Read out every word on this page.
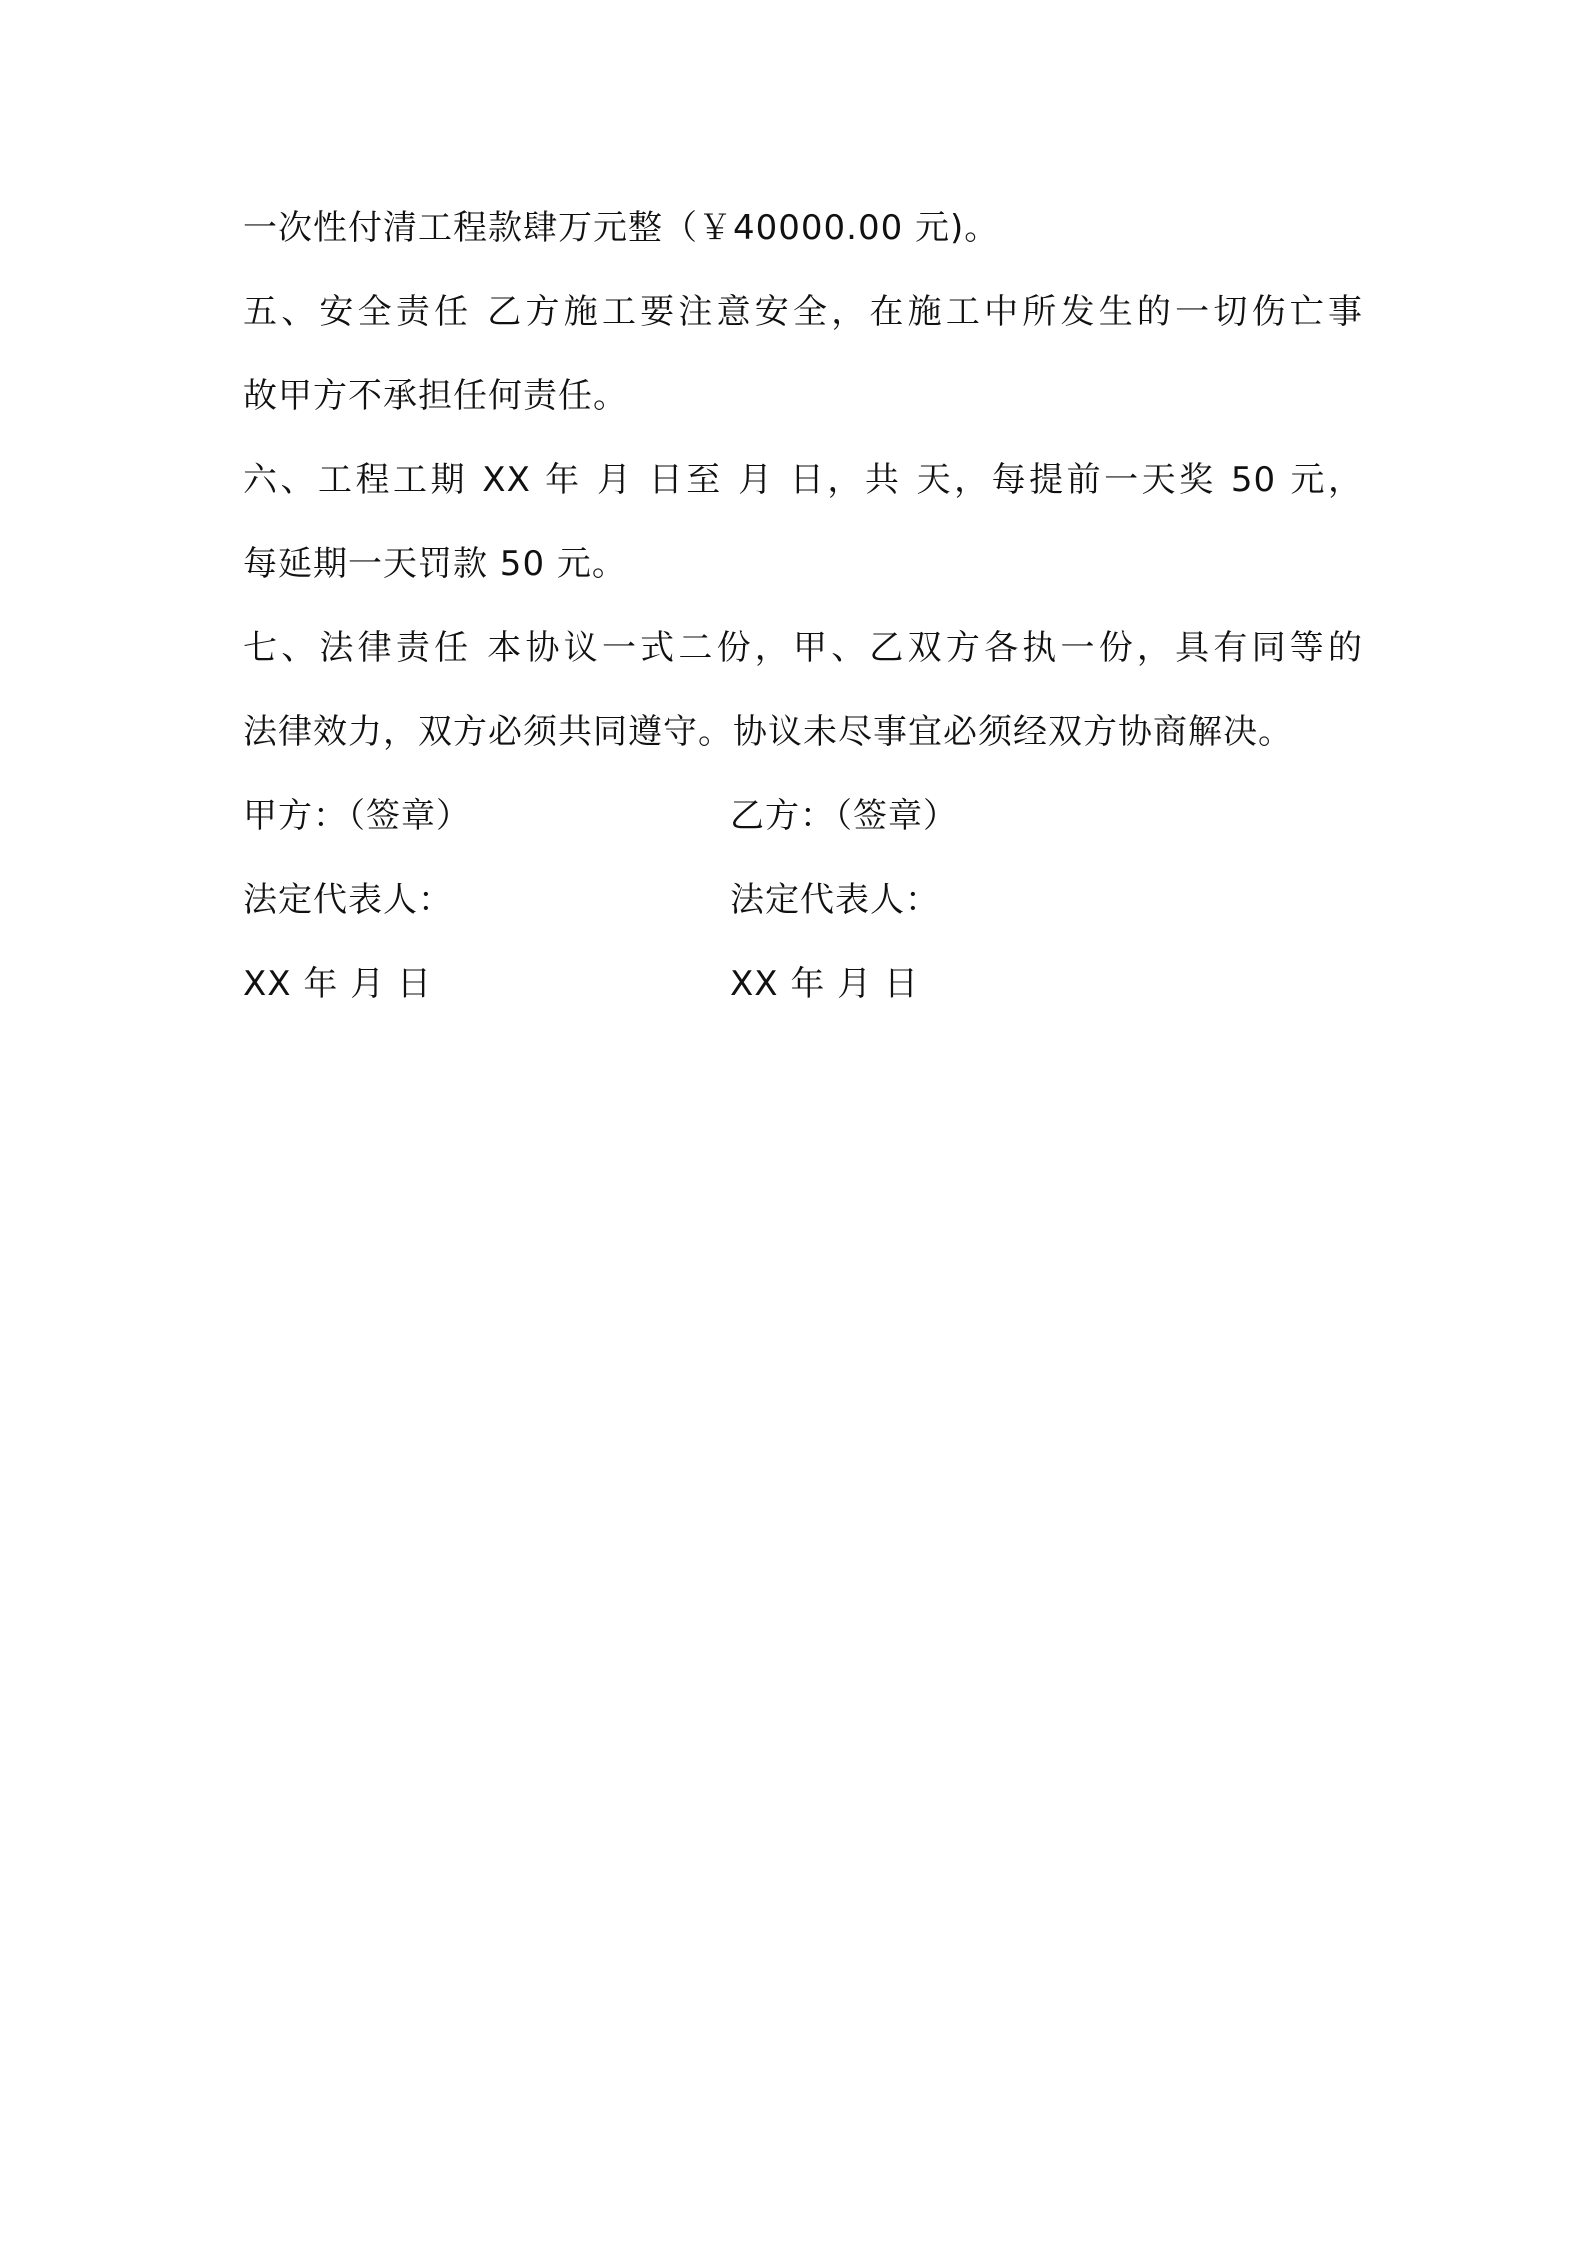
一次性付清工程款肆万元整（￥40000.00 元)。
五、安全责任 乙方施工要注意安全，在施工中所发生的一切伤亡事
故甲方不承担任何责任。
六、工程工期 XX 年 月 日至 月 日，共 天，每提前一天奖 50 元，
每延期一天罚款 50 元。
七、法律责任 本协议一式二份，甲、乙双方各执一份，具有同等的
法律效力，双方必须共同遵守。协议未尽事宜必须经双方协商解决。
甲方：（签章）	乙方：（签章）
法定代表人：	法定代表人：
XX 年 月 日	XX 年 月 日
